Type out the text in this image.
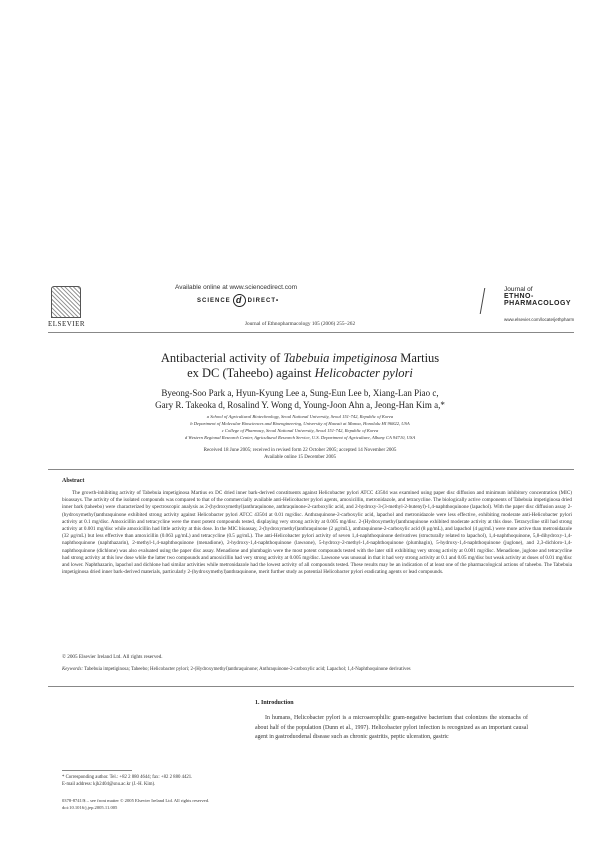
Available online at www.sciencedirect.com
SCIENCE d DIRECT•
ELSEVIER
Journal of
ETHNO-
PHARMACOLOGY
www.elsevier.com/locate/jethpharm
Journal of Ethnopharmacology 105 (2006) 255–262
Antibacterial activity of Tabebuia impetiginosa Martius
ex DC (Taheebo) against Helicobacter pylori
Byeong-Soo Park a, Hyun-Kyung Lee a, Sung-Eun Lee b, Xiang-Lan Piao c,
Gary R. Takeoka d, Rosalind Y. Wong d, Young-Joon Ahn a, Jeong-Han Kim a,*
a School of Agricultural Biotechnology, Seoul National University, Seoul 151-742, Republic of Korea
b Department of Molecular Biosciences and Bioengineering, University of Hawaii at Manoa, Honolulu HI 96822, USA
c College of Pharmacy, Seoul National University, Seoul 151-742, Republic of Korea
d Western Regional Research Center, Agricultural Research Service, U.S. Department of Agriculture, Albany CA 94710, USA
Received 18 June 2005; received in revised form 22 October 2005; accepted 14 November 2005
Available online 15 December 2005
Abstract

The growth-inhibiting activity of Tabebuia impetiginosa Martius ex DC dried inner bark-derived constituents against Helicobacter pylori ATCC 43504 was examined using paper disc diffusion and minimum inhibitory concentration (MIC) bioassays. The activity of the isolated compounds was compared to that of the commercially available anti-Helicobacter pylori agents, amoxicillin, metronidazole, and tetracycline. The biologically active components of Tabebuia impetiginosa dried inner bark (taheebo) were characterized by spectroscopic analysis as 2-(hydroxymethyl)anthraquinone, anthraquinone-2-carboxylic acid, and 2-hydroxy-3-(3-methyl-2-butenyl)-1,4-naphthoquinone (lapachol). With the paper disc diffusion assay 2-(hydroxymethyl)anthraquinone exhibited strong activity against Helicobacter pylori ATCC 43504 at 0.01 mg/disc. Anthraquinone-2-carboxylic acid, lapachol and metronidazole were less effective, exhibiting moderate anti-Helicobacter pylori activity at 0.1 mg/disc. Amoxicillin and tetracycline were the most potent compounds tested, displaying very strong activity at 0.005 mg/disc. 2-(Hydroxymethyl)anthraquinone exhibited moderate activity at this dose. Tetracycline still had strong activity at 0.001 mg/disc while amoxicillin had little activity at this dose. In the MIC bioassay, 2-(hydroxymethyl)anthraquinone (2 μg/mL), anthraquinone-2-carboxylic acid (8 μg/mL), and lapachol (4 μg/mL) were more active than metronidazole (32 μg/mL) but less effective than amoxicillin (0.063 μg/mL) and tetracycline (0.5 μg/mL). The anti-Helicobacter pylori activity of seven 1,4-naphthoquinone derivatives (structurally related to lapachol), 1,4-naphthoquinone, 5,8-dihydroxy-1,4-naphthoquinone (naphthazarin), 2-methyl-1,4-naphthoquinone (menadione), 2-hydroxy-1,4-naphthoquinone (lawsone), 5-hydroxy-2-methyl-1,4-naphthoquinone (plumbagin), 5-hydroxy-1,4-naphthoquinone (juglone), and 2,3-dichloro-1,4-naphthoquinone (dichlone) was also evaluated using the paper disc assay. Menadione and plumbagin were the most potent compounds tested with the later still exhibiting very strong activity at 0.001 mg/disc. Menadione, juglone and tetracycline had strong activity at this low dose while the latter two compounds and amoxicillin had very strong activity at 0.005 mg/disc. Lawsone was unusual in that it had very strong activity at 0.1 and 0.05 mg/disc but weak activity at doses of 0.01 mg/disc and lower. Naphthazarin, lapachol and dichlone had similar activities while metronidazole had the lowest activity of all compounds tested. These results may be an indication of at least one of the pharmacological actions of taheebo. The Tabebuia impetiginosa dried inner bark-derived materials, particularly 2-(hydroxymethyl)anthraquinone, merit further study as potential Helicobacter pylori eradicating agents or lead compounds.

© 2005 Elsevier Ireland Ltd. All rights reserved.
Keywords: Tabebuia impetiginosa; Taheebo; Helicobacter pylori; 2-(Hydroxymethyl)anthraquinone; Anthraquinone-2-carboxylic acid; Lapachol; 1,4-Naphthoquinone derivatives
1. Introduction

In humans, Helicobacter pylori is a microaerophilic gram-negative bacterium that colonizes the stomachs of about half of the population (Dunn et al., 1997). Helicobacter pylori infection is recognized as an important causal agent in gastroduodenal disease such as chronic gastritis, peptic ulceration, gastric

* Corresponding author. Tel.: +82 2 880 4644; fax: +82 2 880 4421.
E-mail address: kjh2404@snu.ac.kr (J.-H. Kim).
0378-8741/$ – see front matter © 2005 Elsevier Ireland Ltd. All rights reserved.
doi:10.1016/j.jep.2005.11.005
